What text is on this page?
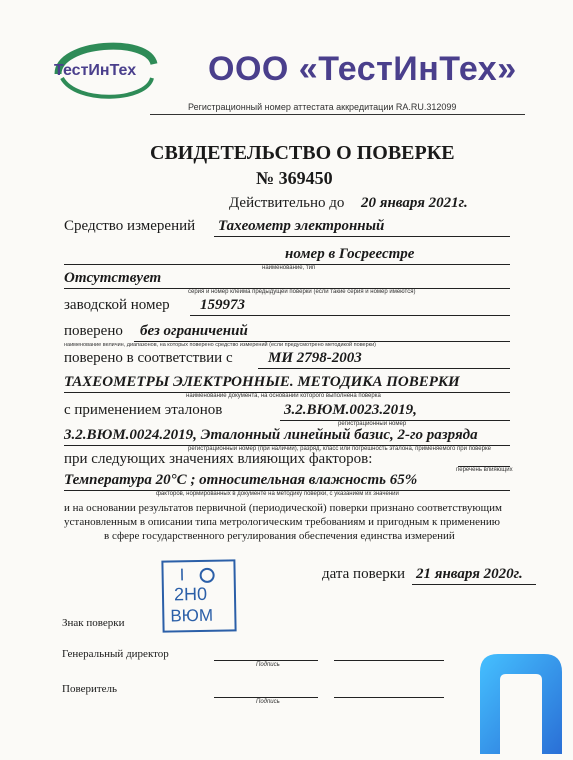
ТестИнТех ООО «ТестИнТех»
Регистрационный номер аттестата аккредитации RA.RU.312099
СВИДЕТЕЛЬСТВО О ПОВЕРКЕ
№ 369450
Действительно до 20 января 2021г.
Средство измерений Тахеометр электронный
номер в Госреестре
наименование, тип
Отсутствует
серия и номер клейма предыдущей поверки (если такие серия и номер имеются)
заводской номер 159973
поверено без ограничений
наименование величин, диапазонов, на которых поверено средство измерений (если предусмотрено методикой поверки)
поверено в соответствии с МИ 2798-2003
ТАХЕОМЕТРЫ ЭЛЕКТРОННЫЕ. МЕТОДИКА ПОВЕРКИ
наименование документа, на основании которого выполнена поверка
с применением эталонов	3.2.ВЮМ.0023.2019,
регистрационный номер
3.2.ВЮМ.0024.2019, Эталонный линейный базис, 2-го разряда
регистрационный номер (при наличии), разряд, класс или погрешность эталона, применяемого при поверке
при следующих значениях влияющих факторов:
перечень влияющих
Температура 20°С ; относительная влажность 65%
факторов, нормированных в документе на методику поверки, с указанием их значений
и на основании результатов первичной (периодической) поверки признано соответствующим
установленным в описании типа метрологическим требованиям и пригодным к применению
в сфере государственного регулирования обеспечения единства измерений
I
2Н0
ВЮМ
дата поверки 21 января 2020г.
Знак поверки
Генеральный директор
Подпись
Поверитель
Подпись
